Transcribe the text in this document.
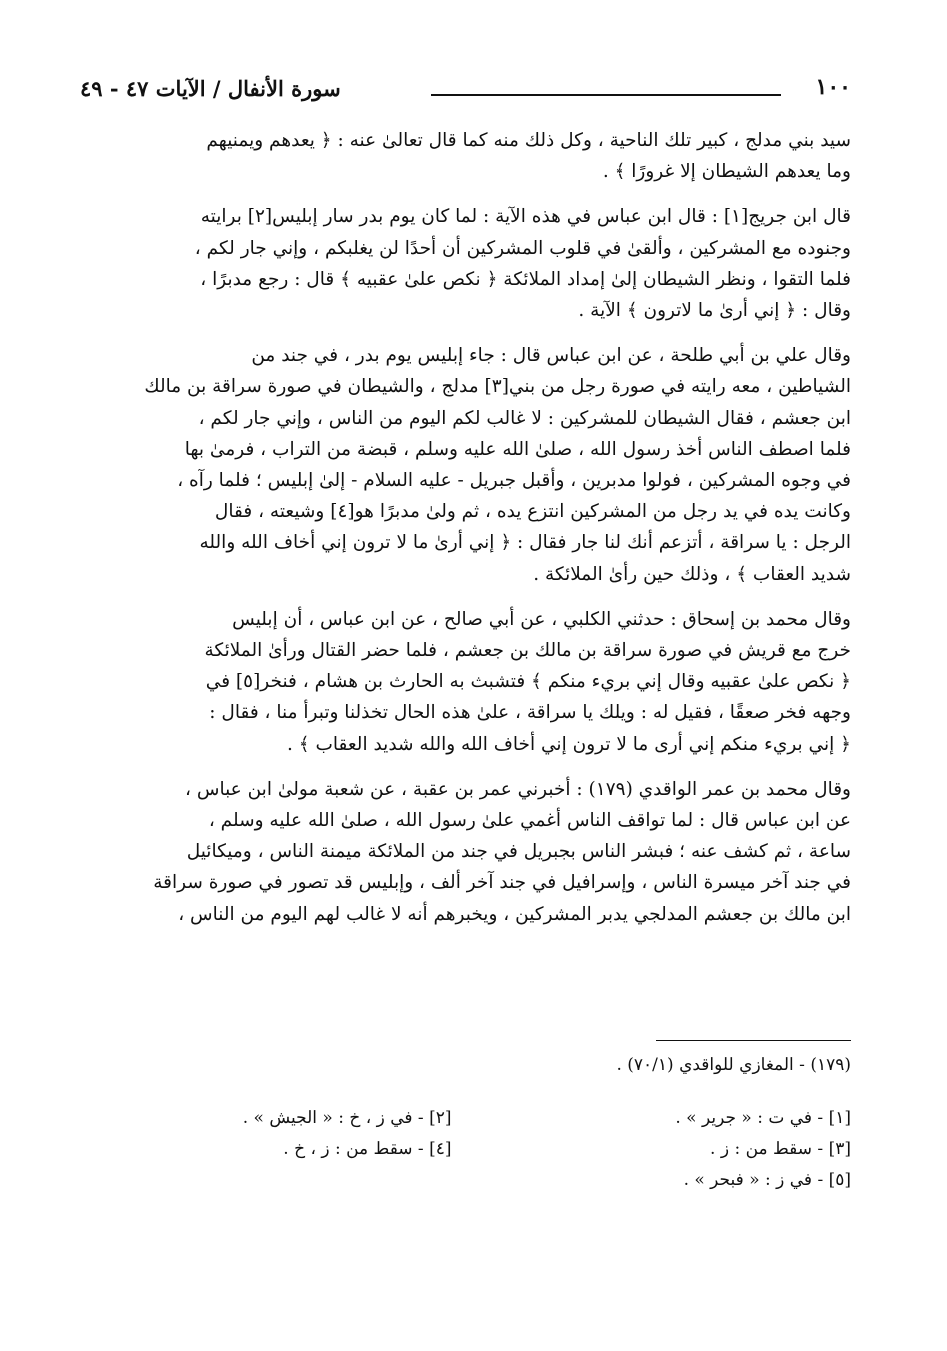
١٠٠
سورة الأنفال / الآيات ٤٧ - ٤٩

سيد بني مدلج ، كبير تلك الناحية ، وكل ذلك منه كما قال تعالىٰ عنه : ﴿ يعدهم ويمنيهم
وما يعدهم الشيطان إلا غرورًا ﴾ .

قال ابن جريج[١] : قال ابن عباس في هذه الآية : لما كان يوم بدر سار إبليس[٢] برايته
وجنوده مع المشركين ، وألقىٰ في قلوب المشركين أن أحدًا لن يغلبكم ، وإني جار لكم ،
فلما التقوا ، ونظر الشيطان إلىٰ إمداد الملائكة ﴿ نكص علىٰ عقبيه ﴾ قال : رجع مدبرًا ،
وقال : ﴿ إني أرىٰ ما لاترون ﴾ الآية .

وقال علي بن أبي طلحة ، عن ابن عباس قال : جاء إبليس يوم بدر ، في جند من
الشياطين ، معه رايته في صورة رجل من بني[٣] مدلج ، والشيطان في صورة سراقة بن مالك
ابن جعشم ، فقال الشيطان للمشركين : لا غالب لكم اليوم من الناس ، وإني جار لكم ،
فلما اصطف الناس أخذ رسول الله ، صلىٰ الله عليه وسلم ، قبضة من التراب ، فرمىٰ بها
في وجوه المشركين ، فولوا مدبرين ، وأقبل جبريل - عليه السلام - إلىٰ إبليس ؛ فلما رآه ،
وكانت يده في يد رجل من المشركين انتزع يده ، ثم ولىٰ مدبرًا هو[٤] وشيعته ، فقال
الرجل : يا سراقة ، أتزعم أنك لنا جار فقال : ﴿ إني أرىٰ ما لا ترون إني أخاف الله والله
شديد العقاب ﴾ ، وذلك حين رأىٰ الملائكة .

وقال محمد بن إسحاق : حدثني الكلبي ، عن أبي صالح ، عن ابن عباس ، أن إبليس
خرج مع قريش في صورة سراقة بن مالك بن جعشم ، فلما حضر القتال ورأىٰ الملائكة
﴿ نكص علىٰ عقبيه وقال إني بريء منكم ﴾ فتشبث به الحارث بن هشام ، فنخر[٥] في
وجهه فخر صعقًا ، فقيل له : ويلك يا سراقة ، علىٰ هذه الحال تخذلنا وتبرأ منا ، فقال :
﴿ إني بريء منكم إني أرى ما لا ترون إني أخاف الله والله شديد العقاب ﴾ .

وقال محمد بن عمر الواقدي (١٧٩) : أخبرني عمر بن عقبة ، عن شعبة مولىٰ ابن عباس ،
عن ابن عباس قال : لما تواقف الناس أغمي علىٰ رسول الله ، صلىٰ الله عليه وسلم ،
ساعة ، ثم كشف عنه ؛ فبشر الناس بجبريل في جند من الملائكة ميمنة الناس ، وميكائيل
في جند آخر ميسرة الناس ، وإسرافيل في جند آخر ألف ، وإبليس قد تصور في صورة سراقة
ابن مالك بن جعشم المدلجي يدبر المشركين ، ويخبرهم أنه لا غالب لهم اليوم من الناس ،

(١٧٩) - المغازي للواقدي (٧٠/١) .
[١] - في ت : « جرير » .
[٢] - في ز ، خ : « الجيش » .
[٣] - سقط من : ز .
[٤] - سقط من : ز ، خ .
[٥] - في ز : « فبحر » .
